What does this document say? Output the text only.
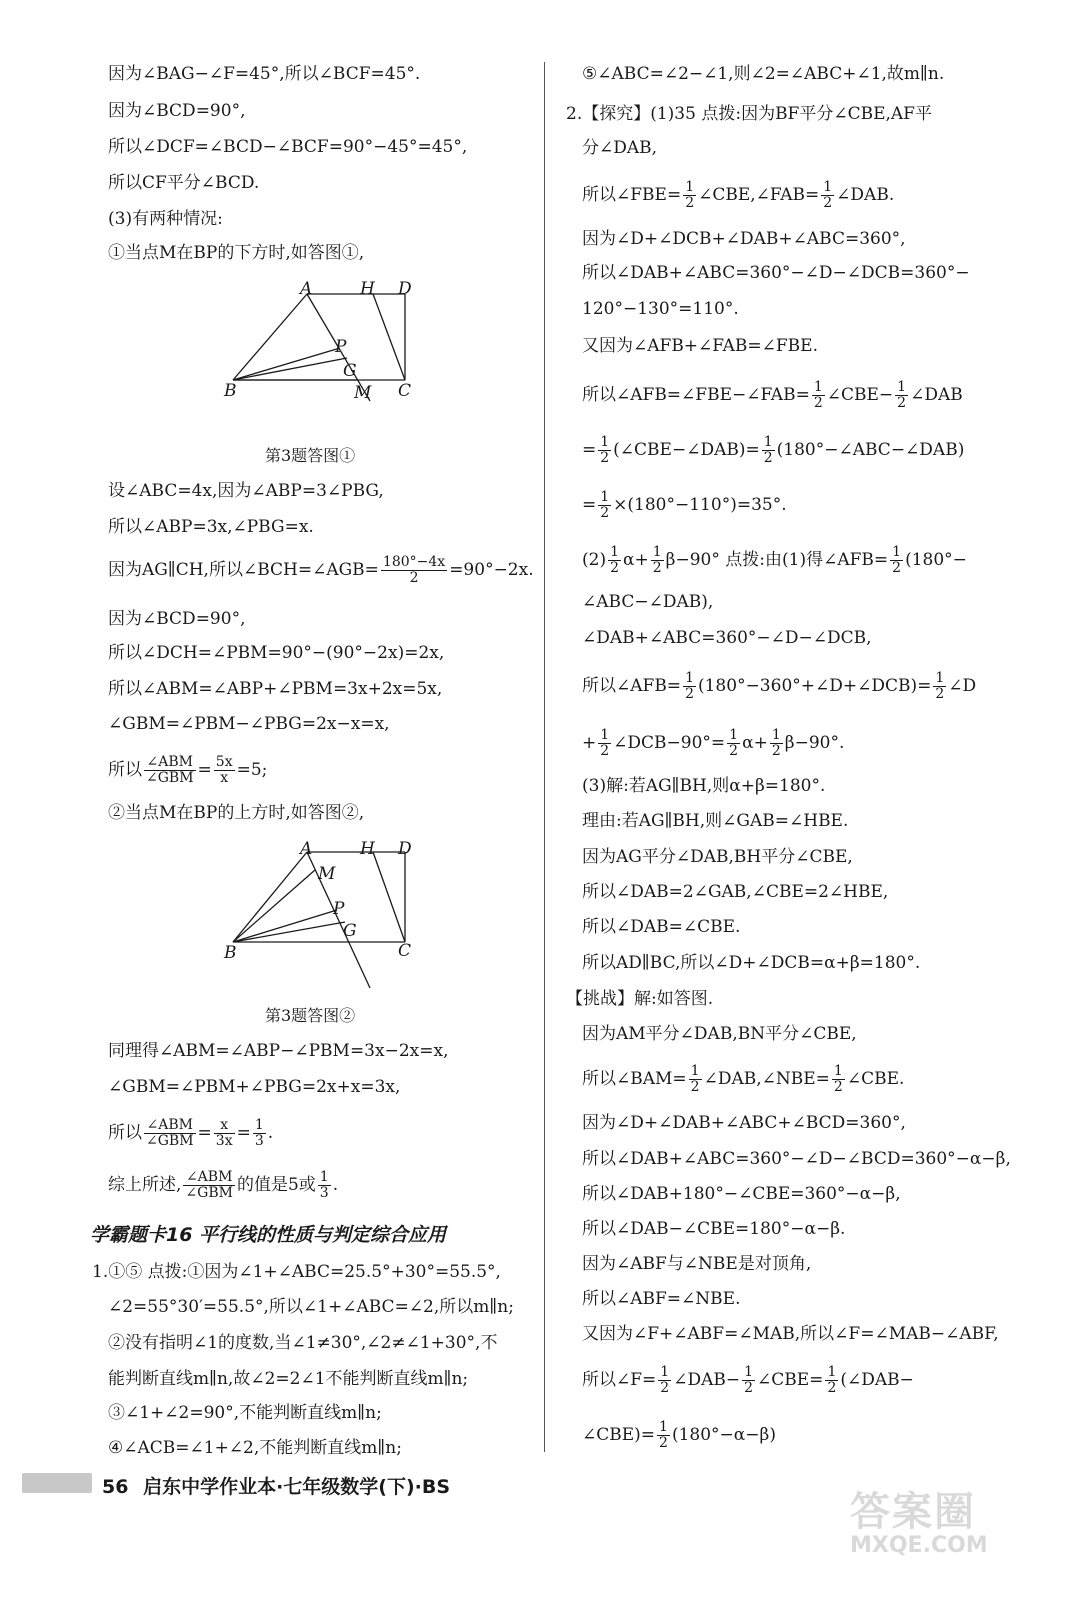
因为∠BAG−∠F=45°,所以∠BCF=45°.
因为∠BCD=90°,
所以∠DCF=∠BCD−∠BCF=90°−45°=45°,
所以CF平分∠BCD.
(3)有两种情况:
①当点M在BP的下方时,如答图①,
A	H D
P
G
B	M C
第3题答图①
设∠ABC=4x,因为∠ABP=3∠PBG,
所以∠ABP=3x,∠PBG=x.
因为AG∥CH,所以∠BCH=∠AGB= $\frac{180^\circ-4x}{2} =90^\circ-2x$.
因为∠BCD=90°,
所以∠DCH=∠PBM=90°−(90°−2x)=2x,
所以∠ABM=∠ABP+∠PBM=3x+2x=5x,
∠GBM=∠PBM−∠PBG=2x−x=x,
所以 $\frac{\text{∠ABM}}{\text{∠GBM}} = \frac{5x}{x} =5$;
②当点M在BP的上方时,如答图②,
A	H D
M
P
G
B	C
第3题答图②
同理得∠ABM=∠ABP−∠PBM=3x−2x=x,
∠GBM=∠PBM+∠PBG=2x+x=3x,
所以 $\frac{\text{∠ABM}}{\text{∠GBM}} = \frac{x}{3x} = \frac{1}{3}$ .
综上所述, $\frac{\text{∠ABM}}{\text{∠GBM}}$ 的值是5或 $\frac{1}{3}$ .
学霸题卡16 平行线的性质与判定综合应用
1.①⑤ 点拨:①因为∠1+∠ABC=25.5°+30°=55.5°,
∠2=55°30′=55.5°,所以∠1+∠ABC=∠2,所以m∥n;
②没有指明∠1的度数,当∠1≠30°,∠2≠∠1+30°,不
能判断直线m∥n,故∠2=2∠1不能判断直线m∥n;
③∠1+∠2=90°,不能判断直线m∥n;
④∠ACB=∠1+∠2,不能判断直线m∥n;
⑤∠ABC=∠2−∠1,则∠2=∠ABC+∠1,故m∥n.
2.【探究】(1)35 点拨:因为BF平分∠CBE,AF平
分∠DAB,
所以∠FBE= $\frac{1}{2}$ ∠CBE,∠FAB= $\frac{1}{2}$ ∠DAB.
因为∠D+∠DCB+∠DAB+∠ABC=360°,
所以∠DAB+∠ABC=360°−∠D−∠DCB=360°−
120°−130°=110°.
又因为∠AFB+∠FAB=∠FBE.
所以∠AFB=∠FBE−∠FAB= $\frac{1}{2}$ ∠CBE− $\frac{1}{2}$ ∠DAB
= $\frac{1}{2}$ (∠CBE−∠DAB)= $\frac{1}{2}$ (180°−∠ABC−∠DAB)
= $\frac{1}{2} \times(180^\circ-110^\circ)=35^\circ$.
$(2) \frac{1}{2} \alpha+ \frac{1}{2} \beta-90^\circ$ 点拨:由(1)得∠AFB= $\frac{1}{2} (180^\circ-$
∠ABC−∠DAB),
∠DAB+∠ABC=360°−∠D−∠DCB,
所以∠AFB= $\frac{1}{2}$ (180°−360°+∠D+∠DCB)= $\frac{1}{2}$ ∠D
+ $\frac{1}{2}$ ∠DCB−90°= $\frac{1}{2} \alpha+ \frac{1}{2} \beta-90^\circ$.
(3)解:若AG∥BH,则α+β=180°.
理由:若AG∥BH,则∠GAB=∠HBE.
因为AG平分∠DAB,BH平分∠CBE,
所以∠DAB=2∠GAB,∠CBE=2∠HBE,
所以∠DAB=∠CBE.
所以AD∥BC,所以∠D+∠DCB=α+β=180°.
【挑战】解:如答图.
因为AM平分∠DAB,BN平分∠CBE,
所以∠BAM= $\frac{1}{2}$ ∠DAB,∠NBE= $\frac{1}{2}$ ∠CBE.
因为∠D+∠DAB+∠ABC+∠BCD=360°,
所以∠DAB+∠ABC=360°−∠D−∠BCD=360°−α−β,
所以∠DAB+180°−∠CBE=360°−α−β,
所以∠DAB−∠CBE=180°−α−β.
因为∠ABF与∠NBE是对顶角,
所以∠ABF=∠NBE.
又因为∠F+∠ABF=∠MAB,所以∠F=∠MAB−∠ABF,
所以∠F= $\frac{1}{2}$ ∠DAB− $\frac{1}{2}$ ∠CBE= $\frac{1}{2}$ (∠DAB−
∠CBE)= $\frac{1}{2} (180^\circ-\alpha-\beta)$
56 启东中学作业本·七年级数学(下)·BS
答案圈
MXQE.COM
